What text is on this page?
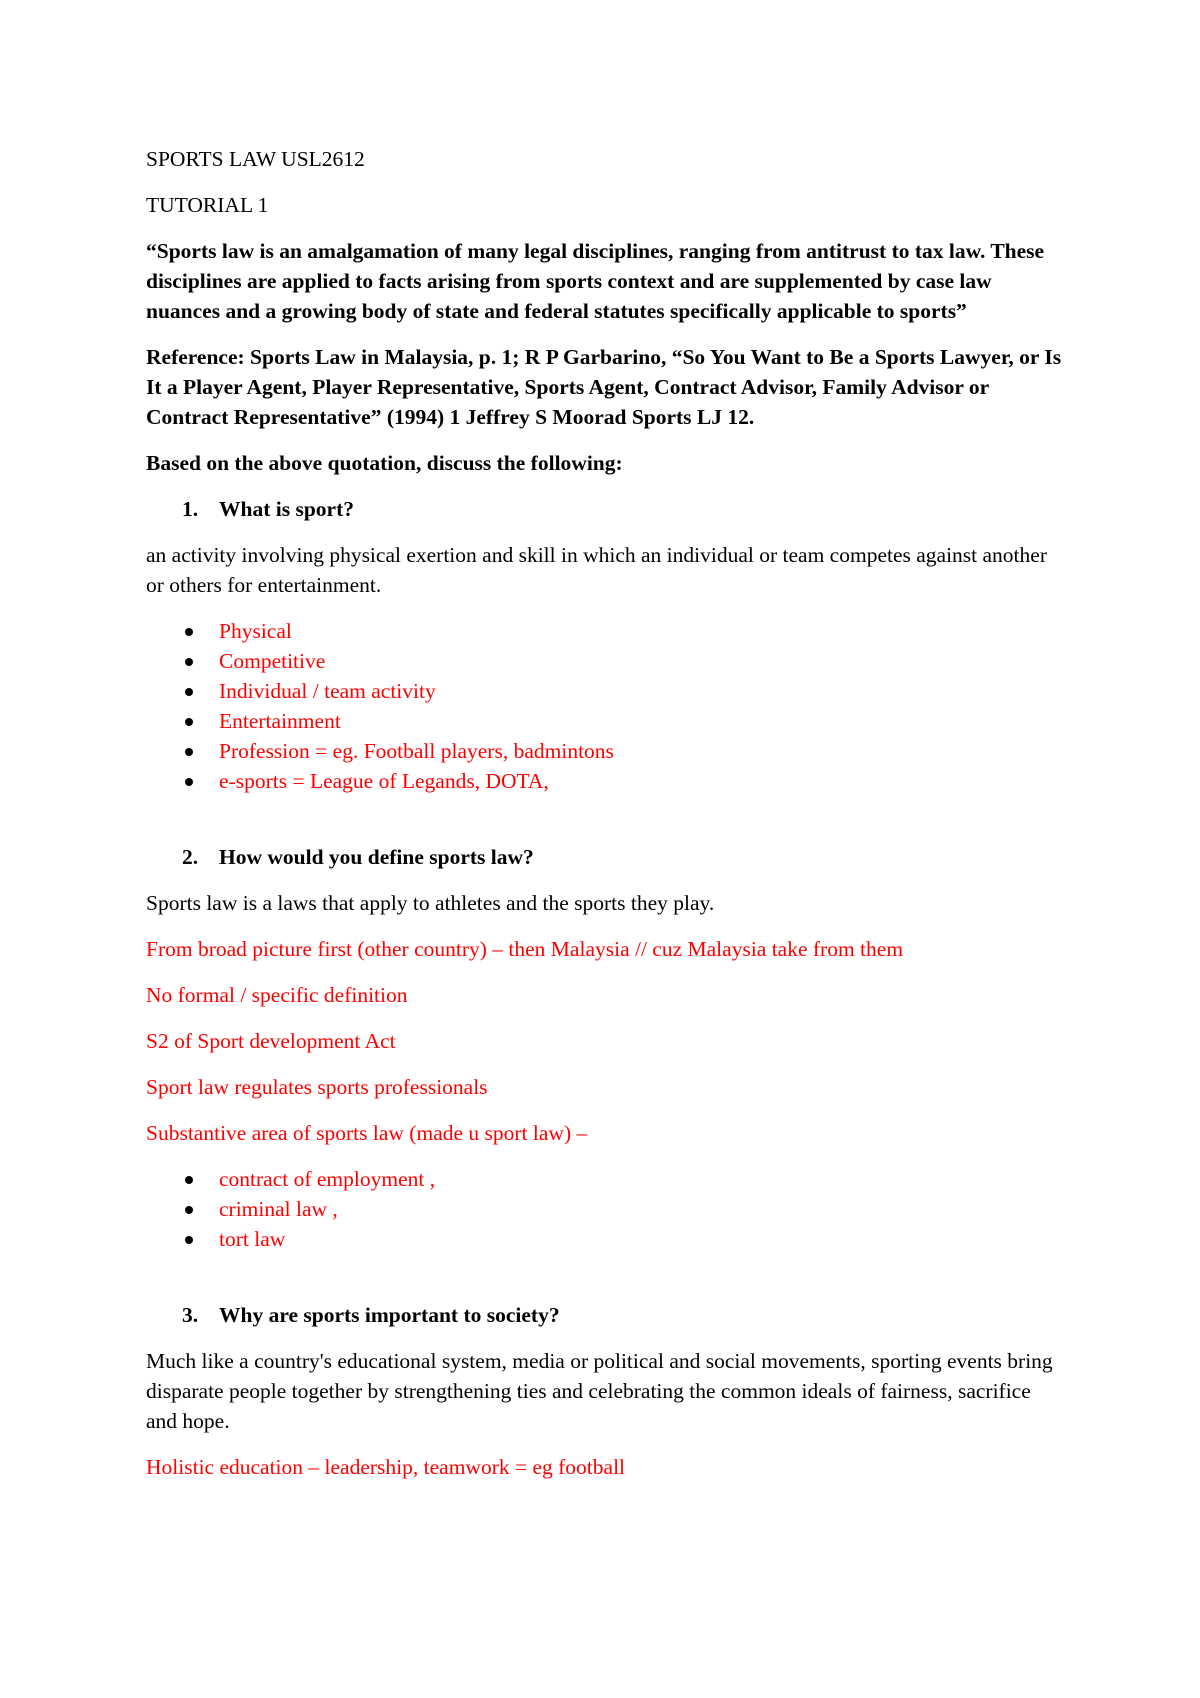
SPORTS LAW USL2612

TUTORIAL 1

“Sports law is an amalgamation of many legal disciplines, ranging from antitrust to tax law. These disciplines are applied to facts arising from sports context and are supplemented by case law nuances and a growing body of state and federal statutes specifically applicable to sports”

Reference: Sports Law in Malaysia, p. 1; R P Garbarino, “So You Want to Be a Sports Lawyer, or Is It a Player Agent, Player Representative, Sports Agent, Contract Advisor, Family Advisor or Contract Representative” (1994) 1 Jeffrey S Moorad Sports LJ 12.

Based on the above quotation, discuss the following:

1. What is sport?

an activity involving physical exertion and skill in which an individual or team competes against another or others for entertainment.

Physical
Competitive
Individual / team activity
Entertainment
Profession = eg. Football players, badmintons
e-sports = League of Legands, DOTA,
2. How would you define sports law?

Sports law is a laws that apply to athletes and the sports they play.

From broad picture first (other country) – then Malaysia // cuz Malaysia take from them

No formal / specific definition

S2 of Sport development Act

Sport law regulates sports professionals

Substantive area of sports law (made u sport law) –

contract of employment ,
criminal law ,
tort law
3. Why are sports important to society?

Much like a country's educational system, media or political and social movements, sporting events bring disparate people together by strengthening ties and celebrating the common ideals of fairness, sacrifice and hope.

Holistic education – leadership, teamwork = eg football
